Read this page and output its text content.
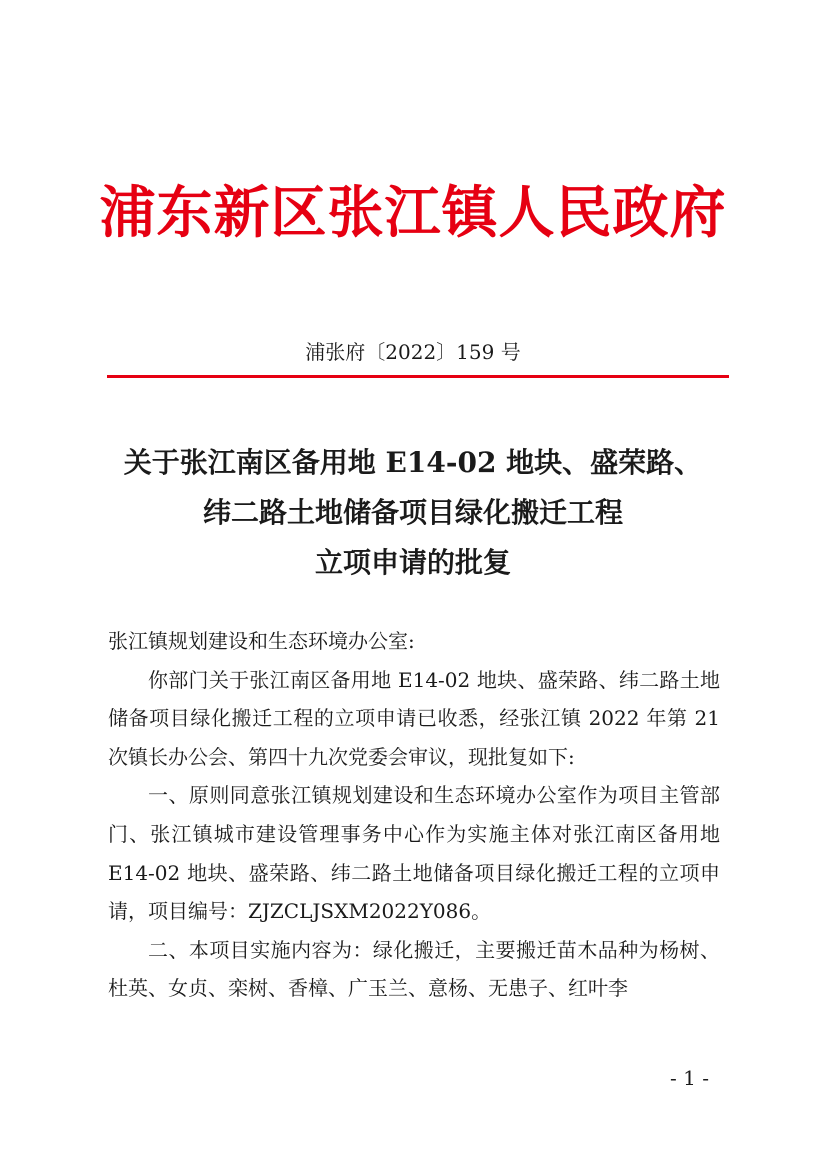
浦东新区张江镇人民政府
浦张府〔2022〕159 号
关于张江南区备用地 E14-02 地块、盛荣路、
纬二路土地储备项目绿化搬迁工程
立项申请的批复

张江镇规划建设和生态环境办公室:

你部门关于张江南区备用地 E14-02 地块、盛荣路、纬二路土地储备项目绿化搬迁工程的立项申请已收悉，经张江镇 2022 年第 21 次镇长办公会、第四十九次党委会审议，现批复如下:

一、原则同意张江镇规划建设和生态环境办公室作为项目主管部门、张江镇城市建设管理事务中心作为实施主体对张江南区备用地 E14-02 地块、盛荣路、纬二路土地储备项目绿化搬迁工程的立项申请，项目编号：ZJZCLJSXM2022Y086。

二、本项目实施内容为：绿化搬迁，主要搬迁苗木品种为杨树、杜英、女贞、栾树、香樟、广玉兰、意杨、无患子、红叶李

- 1 -
